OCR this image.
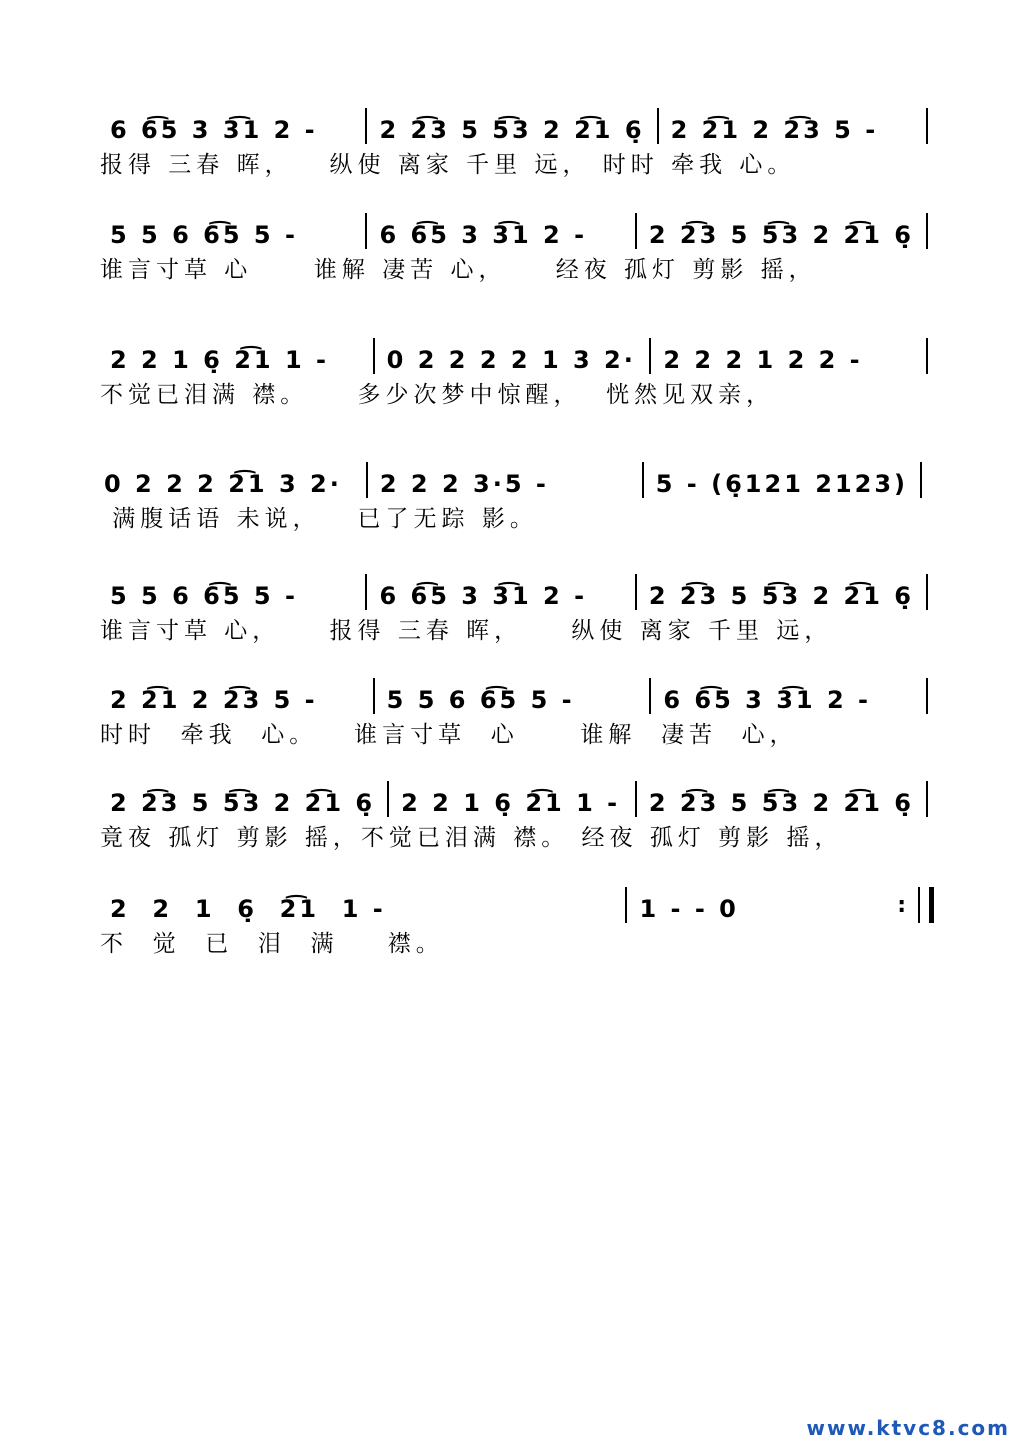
6 6͡5 3 3͡1 2 -	2 2͡3 5 5͡3 2 2͡1 6̣ 2 2͡1 2 2͡3 5 -
报得 三春 晖，   纵使 离家 千里 远， 时时 牵我 心。
5 5 6 6͡5 5 -	6 6͡5 3 3͡1 2 -	2 2͡3 5 5͡3 2 2͡1 6̣
谁言寸草 心     谁解 凄苦 心，    经夜 孤灯 剪影 摇，
2 2 1 6̣ 2͡1 1 -	0 2 2 2 2 1 3 2·	2 2 2 1 2 2 -
不觉已泪满 襟。    多少次梦中惊醒，  恍然见双亲，
0 2 2 2 2͡1 3 2·	2 2 2 3·5 -	5 - (6̣121 2123)
满腹话语 未说，   已了无踪 影。
5 5 6 6͡5 5 -	6 6͡5 3 3͡1 2 -	2 2͡3 5 5͡3 2 2͡1 6̣
谁言寸草 心，    报得 三春 晖，    纵使 离家 千里 远，
2 2͡1 2 2͡3 5 -	5 5 6 6͡5 5 -	6 6͡5 3 3͡1 2 -
时时  牵我  心。   谁言寸草  心     谁解  凄苦  心，
2 2͡3 5 5͡3 2 2͡1 6̣ 2 2 1 6̣ 2͡1 1 -	2 2͡3 5 5͡3 2 2͡1 6̣
竟夜 孤灯 剪影 摇，不觉已泪满 襟。 经夜 孤灯 剪影 摇，
2  2  1  6̣  2͡1  1 -	1 - - 0	:
不  觉  已  泪  满    襟。
www.ktvc8.com
